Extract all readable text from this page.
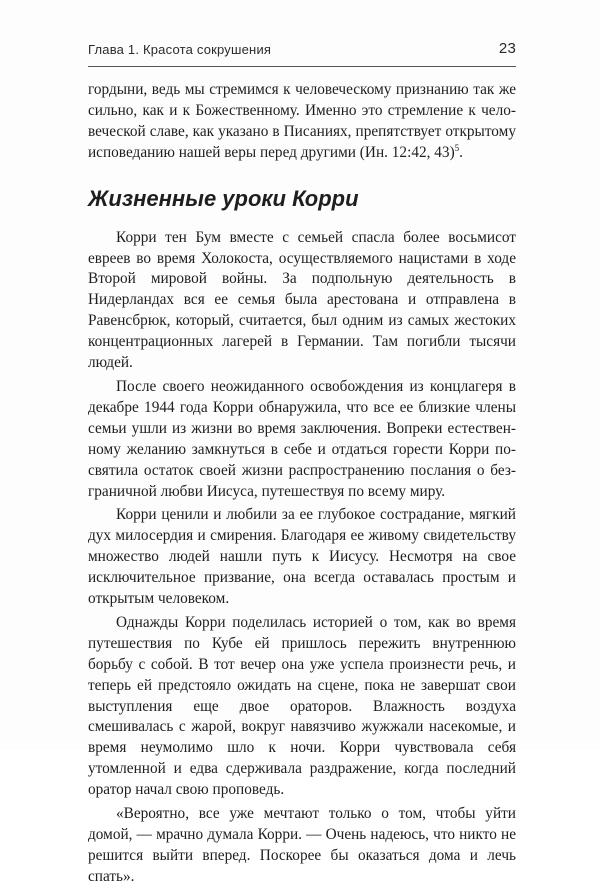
Глава 1. Красота сокрушения	23

гордыни, ведь мы стремимся к человеческому признанию так же сильно, как и к Божественному. Именно это стремление к человеческой славе, как указано в Писаниях, препятствует открытому исповеданию нашей веры перед другими (Ин. 12:42, 43)$^5$.

Жизненные уроки Корри

Корри тен Бум вместе с семьей спасла более восьмисот евреев во время Холокоста, осуществляемого нацистами в ходе Второй мировой войны. За подпольную деятельность в Нидерландах вся ее семья была арестована и отправлена в Равенсбрюк, который, считается, был одним из самых жестоких концентрационных лагерей в Германии. Там погибли тысячи людей.

После своего неожиданного освобождения из концлагеря в декабре 1944 года Корри обнаружила, что все ее близкие члены семьи ушли из жизни во время заключения. Вопреки естественному желанию замкнуться в себе и отдаться горести Корри посвятила остаток своей жизни распространению послания о безграничной любви Иисуса, путешествуя по всему миру.

Корри ценили и любили за ее глубокое сострадание, мягкий дух милосердия и смирения. Благодаря ее живому свидетельству множество людей нашли путь к Иисусу. Несмотря на свое исключительное призвание, она всегда оставалась простым и открытым человеком.

Однажды Корри поделилась историей о том, как во время путешествия по Кубе ей пришлось пережить внутреннюю борьбу с собой. В тот вечер она уже успела произнести речь, и теперь ей предстояло ожидать на сцене, пока не завершат свои выступления еще двое ораторов. Влажность воздуха смешивалась с жарой, вокруг навязчиво жужжали насекомые, и время неумолимо шло к ночи. Корри чувствовала себя утомленной и едва сдерживала раздражение, когда последний оратор начал свою проповедь.

«Вероятно, все уже мечтают только о том, чтобы уйти домой, — мрачно думала Корри. — Очень надеюсь, что никто не решится выйти вперед. Поскорее бы оказаться дома и лечь спать».
